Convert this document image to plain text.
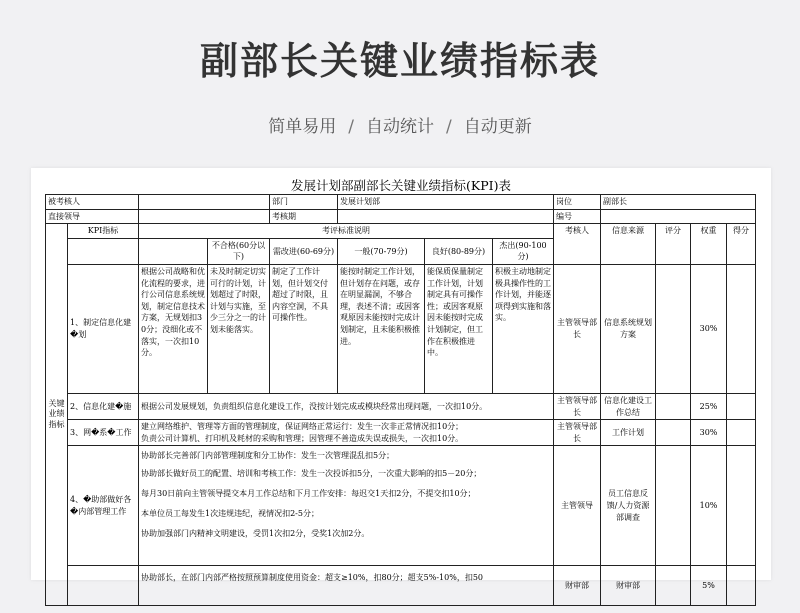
副部长关键业绩指标表
简单易用 / 自动统计 / 自动更新
发展计划部副部长关键业绩指标(KPI)表
被考核人				部门	发展计划部			岗位	副部长			
直接领导				考核期				编号				
关键业绩指标	KPI指标	考评标准说明						考核人	信息来源	评分	权重	得分
			不合格(60分以下)	需改进(60-69分)	一般(70-79分)	良好(80-89分)	杰出(90-100分)					
	1、制定信息化建�划	根据公司战略和优化流程的要求，进行公司信息系统规划，制定信息技术方案，无规划扣30分；没细化或不落实，一次扣10分。	未及时制定切实可行的计划，计划超过了时限，计划与实施，至少三分之一的计划未能落实。	制定了工作计划，但计划交付超过了时限，且内容空洞，不具可操作性。	能按时制定工作计划，但计划存在问题，或存在明显漏洞，不够合理，表述不清；或因客观原因未能按时完成计划制定，且未能积极推进。	能保质保量制定工作计划，计划制定具有可操作性；或因客观原因未能按时完成计划制定，但工作在积极推进中。	积极主动地制定极具操作性的工作计划，并能逐项得到实施和落实。	主管领导部长	信息系统规划方案		30%	
	2、信息化建�施	根据公司发展规划，负责组织信息化建设工作，没按计划完成或模块经常出现问题，一次扣10分。						主管领导部长	信息化建设工作总结		25%	
	3、网�系�工作	建立网络维护、管理等方面的管理制度，保证网络正常运行：发生一次非正常情况扣10分；
负责公司计算机、打印机及耗材的采购和管理；因管理不善造成失误或损失，一次扣10分。						主管领导部长	工作计划		30%	
	4、�助部做好各�内部管理工作	协助部长完善部门内部管理制度和分工协作：发生一次管理混乱扣5分；
协助部长做好员工的配置、培训和考核工作：发生一次投诉扣5分，一次重大影响的扣5－20分；
每月30日前向主管领导提交本月工作总结和下月工作安排：每迟交1天扣2分，不提交扣10分；
本单位员工每发生1次违规违纪，视情况扣2-5分；
协助加强部门内精神文明建设，受罚1次扣2分，受奖1次加2分。						主管领导	员工信息反馈/人力资源部调查		10%	
		协助部长，在部门内部严格按照预算制度使用资金：超支≥10%，扣80分；超支5%-10%，扣50						财审部	财审部		5%	
